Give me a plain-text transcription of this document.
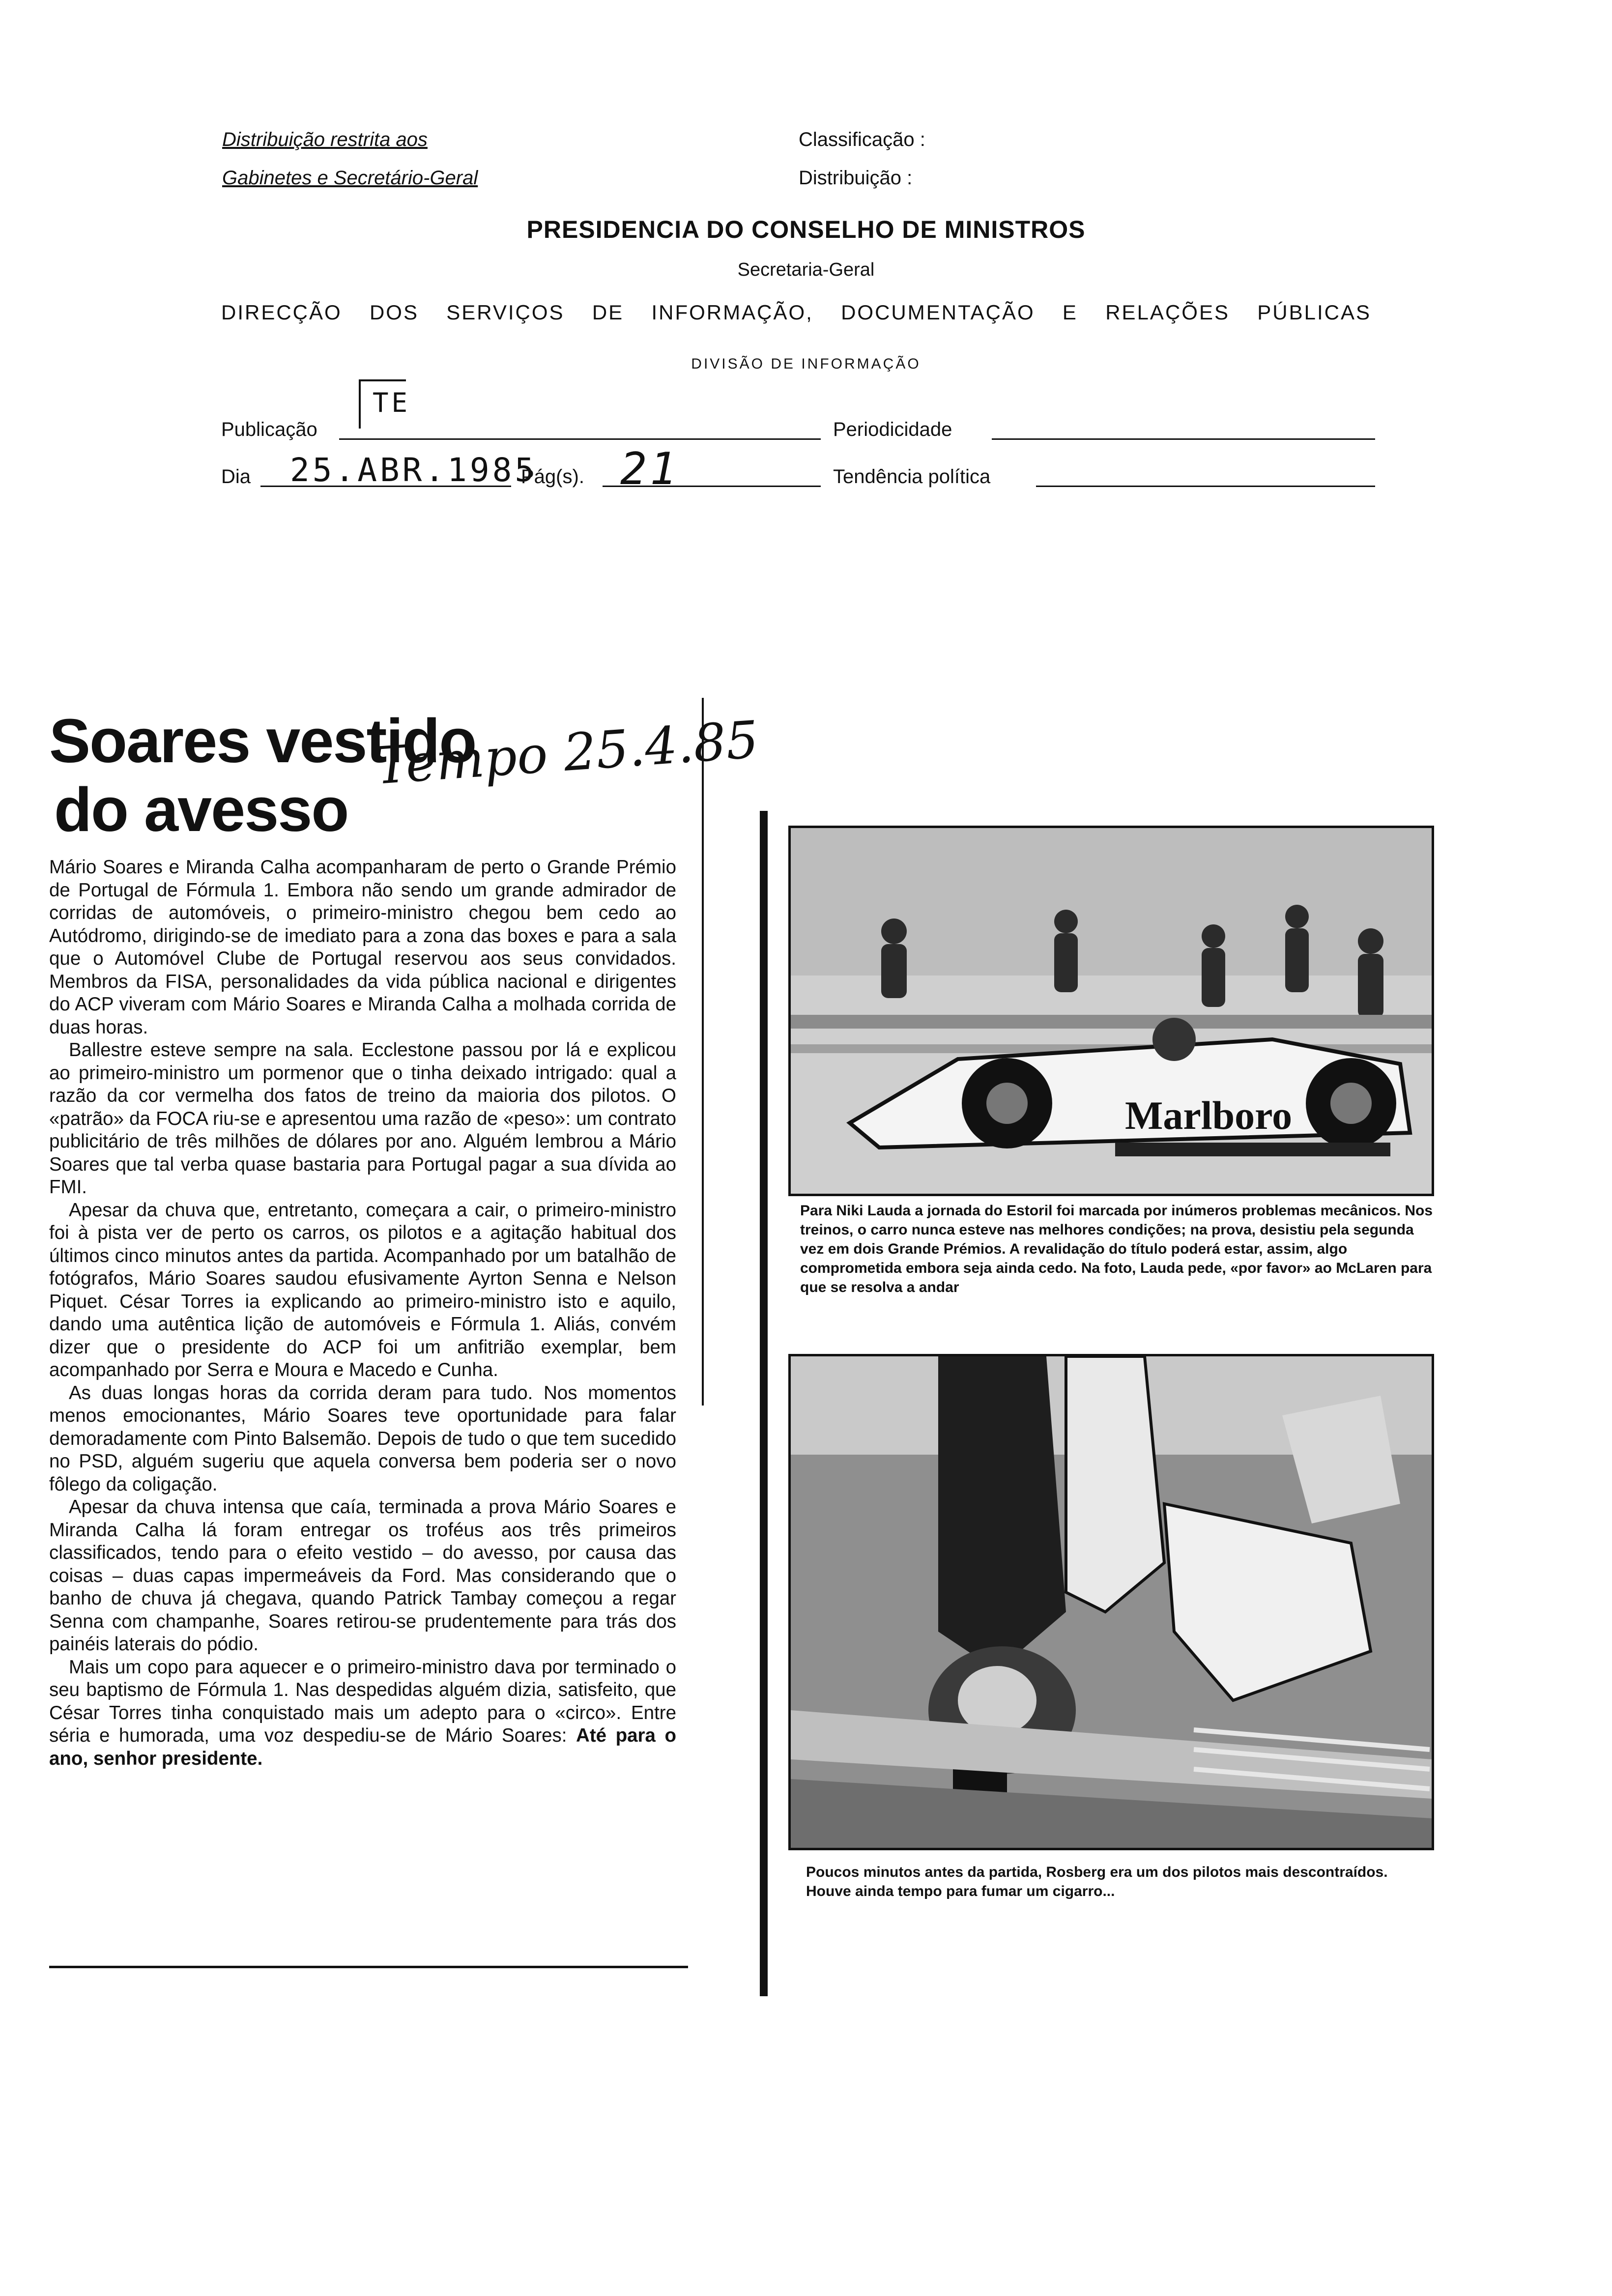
Distribuição restrita aos
Gabinetes e Secretário-Geral
Classificação :
Distribuição :
PRESIDENCIA DO CONSELHO DE MINISTROS
Secretaria-Geral
DIRECÇÃO DOS SERVIÇOS DE INFORMAÇÃO, DOCUMENTAÇÃO E RELAÇÕES PÚBLICAS
DIVISÃO DE INFORMAÇÃO
Publicação
TE
Periodicidade
Dia 25.ABR.1985
Pág(s). 21	Tendência política
Soares vestido
do avesso
Tempo 25.4.85

Mário Soares e Miranda Calha acompanharam de perto o Grande Prémio de Portugal de Fórmula 1. Embora não sendo um grande admirador de corridas de automóveis, o primeiro-ministro chegou bem cedo ao Autódromo, dirigindo-se de imediato para a zona das boxes e para a sala que o Automóvel Clube de Portugal reservou aos seus convidados. Membros da FISA, personalidades da vida pública nacional e dirigentes do ACP viveram com Mário Soares e Miranda Calha a molhada corrida de duas horas.

Ballestre esteve sempre na sala. Ecclestone passou por lá e explicou ao primeiro-ministro um pormenor que o tinha deixado intrigado: qual a razão da cor vermelha dos fatos de treino da maioria dos pilotos. O «patrão» da FOCA riu-se e apresentou uma razão de «peso»: um contrato publicitário de três milhões de dólares por ano. Alguém lembrou a Mário Soares que tal verba quase bastaria para Portugal pagar a sua dívida ao FMI.

Apesar da chuva que, entretanto, começara a cair, o primeiro-ministro foi à pista ver de perto os carros, os pilotos e a agitação habitual dos últimos cinco minutos antes da partida. Acompanhado por um batalhão de fotógrafos, Mário Soares saudou efusivamente Ayrton Senna e Nelson Piquet. César Torres ia explicando ao primeiro-ministro isto e aquilo, dando uma autêntica lição de automóveis e Fórmula 1. Aliás, convém dizer que o presidente do ACP foi um anfitrião exemplar, bem acompanhado por Serra e Moura e Macedo e Cunha.

As duas longas horas da corrida deram para tudo. Nos momentos menos emocionantes, Mário Soares teve oportunidade para falar demoradamente com Pinto Balsemão. Depois de tudo o que tem sucedido no PSD, alguém sugeriu que aquela conversa bem poderia ser o novo fôlego da coligação.

Apesar da chuva intensa que caía, terminada a prova Mário Soares e Miranda Calha lá foram entregar os troféus aos três primeiros classificados, tendo para o efeito vestido – do avesso, por causa das coisas – duas capas impermeáveis da Ford. Mas considerando que o banho de chuva já chegava, quando Patrick Tambay começou a regar Senna com champanhe, Soares retirou-se prudentemente para trás dos painéis laterais do pódio.

Mais um copo para aquecer e o primeiro-ministro dava por terminado o seu baptismo de Fórmula 1. Nas despedidas alguém dizia, satisfeito, que César Torres tinha conquistado mais um adepto para o «circo». Entre séria e humorada, uma voz despediu-se de Mário Soares: Até para o ano, senhor presidente.

Marlboro
Para Niki Lauda a jornada do Estoril foi marcada por inúmeros problemas mecânicos. Nos treinos, o carro nunca esteve nas melhores condições; na prova, desistiu pela segunda vez em dois Grande Prémios. A revalidação do título poderá estar, assim, algo comprometida embora seja ainda cedo. Na foto, Lauda pede, «por favor» ao McLaren para que se resolva a andar
Poucos minutos antes da partida, Rosberg era um dos pilotos mais descontraídos. Houve ainda tempo para fumar um cigarro...
